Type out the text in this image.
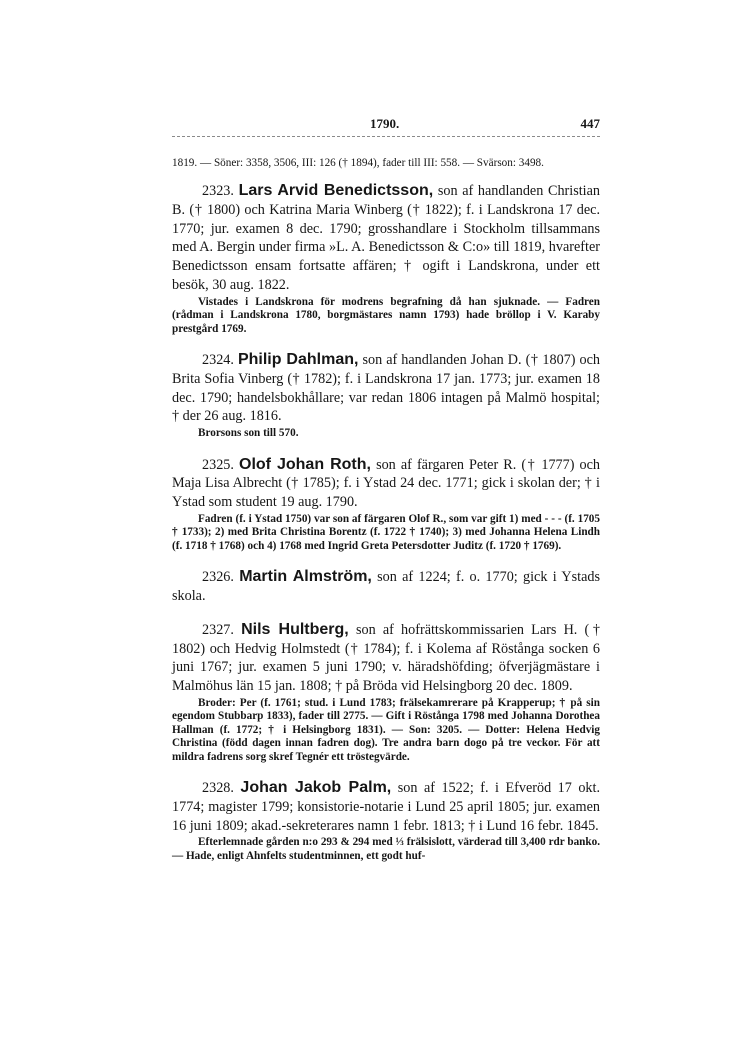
1790.	447

1819. — Söner: 3358, 3506, III: 126 († 1894), fader till III: 558. — Svärson: 3498.

2323. Lars Arvid Benedictsson, son af handlanden Christian B. († 1800) och Katrina Maria Winberg († 1822); f. i Landskrona 17 dec. 1770; jur. examen 8 dec. 1790; grosshandlare i Stockholm tillsammans med A. Bergin under firma »L. A. Benedictsson & C:o» till 1819, hvarefter Benedictsson ensam fortsatte affären; † ogift i Landskrona, under ett besök, 30 aug. 1822.

Vistades i Landskrona för modrens begrafning då han sjuknade. — Fadren (rådman i Landskrona 1780, borgmästares namn 1793) hade bröllop i V. Karaby prestgård 1769.

2324. Philip Dahlman, son af handlanden Johan D. († 1807) och Brita Sofia Vinberg († 1782); f. i Landskrona 17 jan. 1773; jur. examen 18 dec. 1790; handelsbokhållare; var redan 1806 intagen på Malmö hospital; † der 26 aug. 1816.

Brorsons son till 570.

2325. Olof Johan Roth, son af färgaren Peter R. († 1777) och Maja Lisa Albrecht († 1785); f. i Ystad 24 dec. 1771; gick i skolan der; † i Ystad som student 19 aug. 1790.

Fadren (f. i Ystad 1750) var son af färgaren Olof R., som var gift 1) med - - - (f. 1705 † 1733); 2) med Brita Christina Borentz (f. 1722 † 1740); 3) med Johanna Helena Lindh (f. 1718 † 1768) och 4) 1768 med Ingrid Greta Petersdotter Juditz (f. 1720 † 1769).

2326. Martin Almström, son af 1224; f. o. 1770; gick i Ystads skola.

2327. Nils Hultberg, son af hofrättskommissarien Lars H. († 1802) och Hedvig Holmstedt († 1784); f. i Kolema af Röstånga socken 6 juni 1767; jur. examen 5 juni 1790; v. häradshöfding; öfverjägmästare i Malmöhus län 15 jan. 1808; † på Bröda vid Helsingborg 20 dec. 1809.

Broder: Per (f. 1761; stud. i Lund 1783; frälsekamrerare på Krapperup; † på sin egendom Stubbarp 1833), fader till 2775. — Gift i Röstånga 1798 med Johanna Dorothea Hallman (f. 1772; † i Helsingborg 1831). — Son: 3205. — Dotter: Helena Hedvig Christina (född dagen innan fadren dog). Tre andra barn dogo på tre veckor. För att mildra fadrens sorg skref Tegnér ett tröstegvärde.

2328. Johan Jakob Palm, son af 1522; f. i Efveröd 17 okt. 1774; magister 1799; konsistorie-notarie i Lund 25 april 1805; jur. examen 16 juni 1809; akad.-sekreterares namn 1 febr. 1813; † i Lund 16 febr. 1845.

Efterlemnade gården n:o 293 & 294 med ⅓ frälsislott, värderad till 3,400 rdr banko. — Hade, enligt Ahnfelts studentminnen, ett godt huf-
